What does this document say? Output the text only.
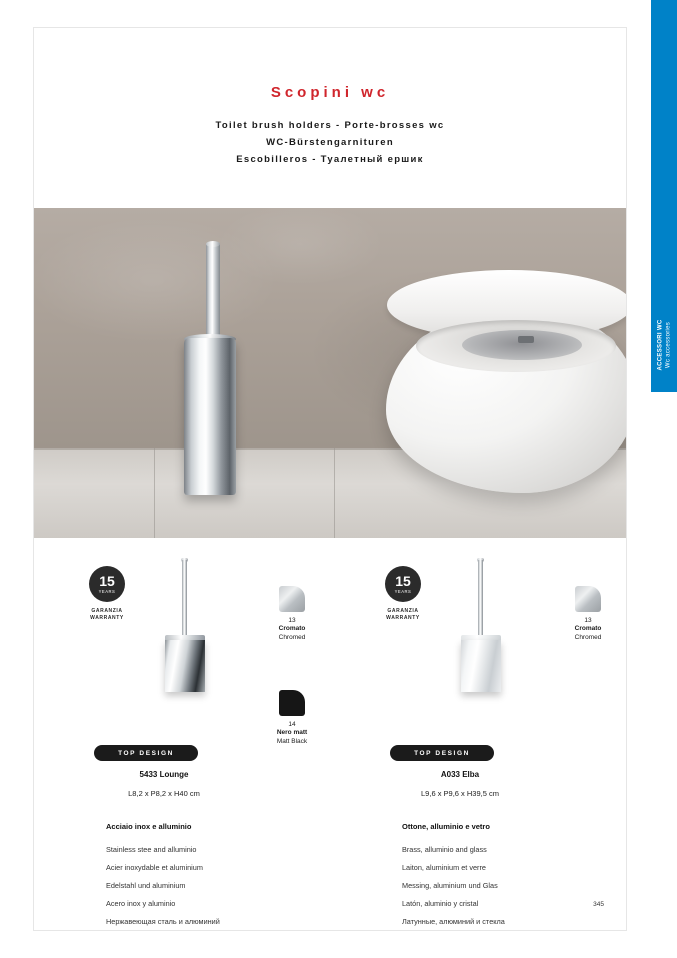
Scopini wc
Toilet brush holders - Porte-brosses wc
WC-Bürstengarnituren
Escobilleros - Туалетный ершик
15
YEARS
GARANZIA
WARRANTY	13
Cromato
Chromed
14
Nero matt
Matt Black
TOP DESIGN
5433 Lounge
L8,2 x P8,2 x H40 cm
Acciaio inox e alluminio
Stainless stee and alluminio
Acier inoxydable et aluminium
Edelstahl und aluminium
Acero inox y aluminio
Нержавеющая сталь и алюминий
15
YEARS
GARANZIA
WARRANTY	13
Cromato
Chromed
TOP DESIGN
A033 Elba
L9,6 x P9,6 x H39,5 cm
Ottone, alluminio e vetro
Brass, alluminio and glass
Laiton, aluminium et verre
Messing, aluminium und Glas
Latón, aluminio y cristal
Латунные, алюминий и стекла
345
ACCESSORI WC Wc accessories
